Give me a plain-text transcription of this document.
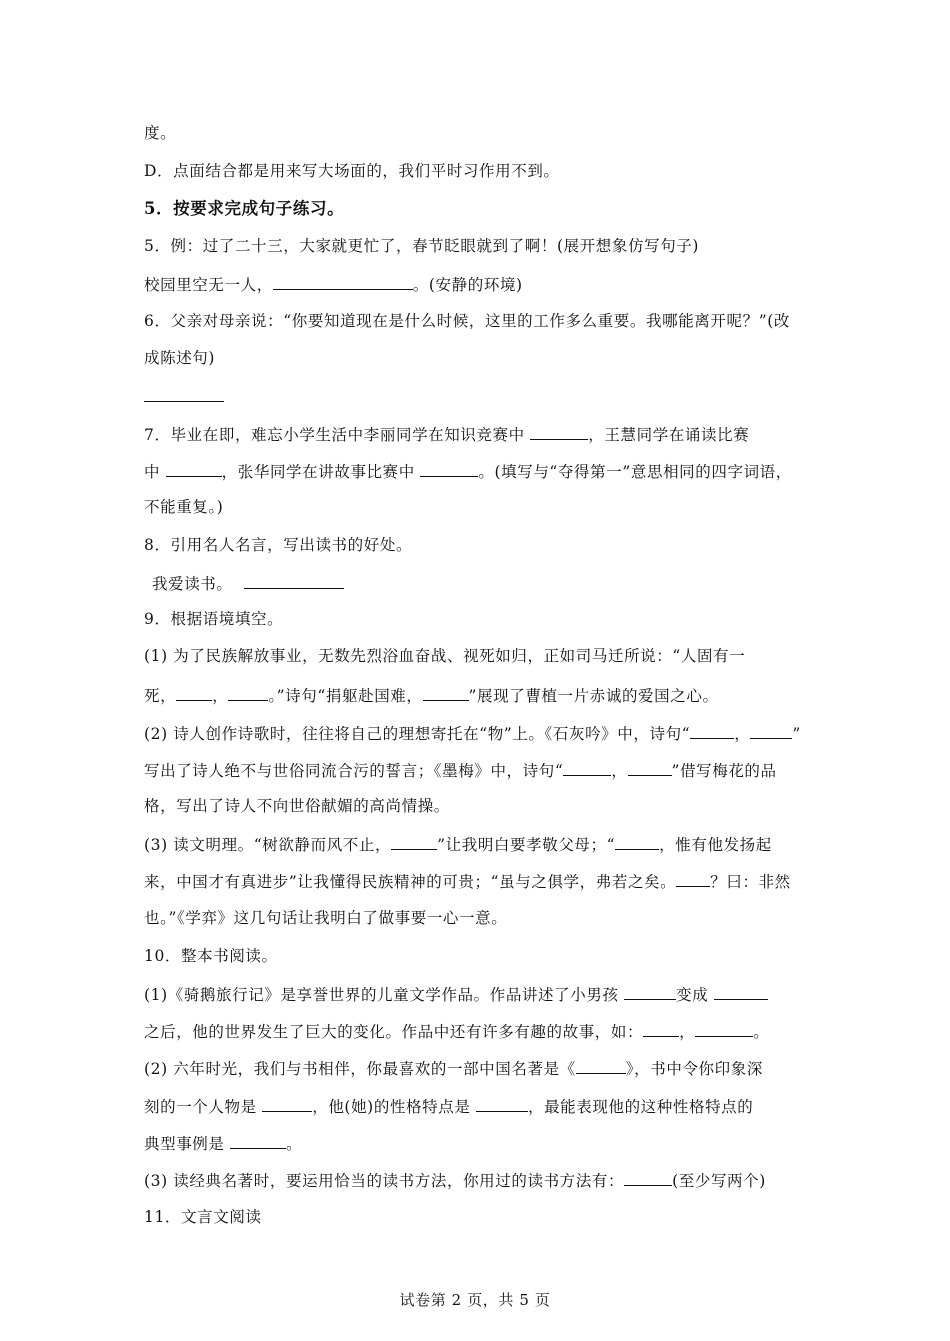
度。
D．点面结合都是用来写大场面的，我们平时习作用不到。
5．按要求完成句子练习。
5．例：过了二十三，大家就更忙了，春节眨眼就到了啊！(展开想象仿写句子)
校园里空无一人，	。(安静的环境)
6．父亲对母亲说：“你要知道现在是什么时候，这里的工作多么重要。我哪能离开呢？”(改
成陈述句)
7．毕业在即，难忘小学生活中李丽同学在知识竞赛中	，王慧同学在诵读比赛
中	，张华同学在讲故事比赛中	。(填写与“夺得第一”意思相同的四字词语，
不能重复。)
8．引用名人名言，写出读书的好处。
我爱读书。
9．根据语境填空。
(1) 为了民族解放事业，无数先烈浴血奋战、视死如归，正如司马迁所说：“人固有一
死， ，	。”诗句“捐躯赴国难，	”展现了曹植一片赤诚的爱国之心。
(2) 诗人创作诗歌时，往往将自己的理想寄托在“物”上。《石灰吟》中，诗句“	，	”
写出了诗人绝不与世俗同流合污的誓言；《墨梅》中，诗句“	，	”借写梅花的品
格，写出了诗人不向世俗献媚的高尚情操。
(3) 读文明理。“树欲静而风不止，	”让我明白要孝敬父母；“	，惟有他发扬起
来，中国才有真进步”让我懂得民族精神的可贵；“虽与之俱学，弗若之矣。 ？曰：非然
也。”《学弈》这几句话让我明白了做事要一心一意。
10．整本书阅读。
(1)《骑鹅旅行记》是享誉世界的儿童文学作品。作品讲述了小男孩	变成
之后，他的世界发生了巨大的变化。作品中还有许多有趣的故事，如： ，	。
(2) 六年时光，我们与书相伴，你最喜欢的一部中国名著是《	》，书中令你印象深
刻的一个人物是	，他(她)的性格特点是	，最能表现他的这种性格特点的
典型事例是	。
(3) 读经典名著时，要运用恰当的读书方法，你用过的读书方法有：	(至少写两个)
11．文言文阅读
试卷第 2 页，共 5 页
